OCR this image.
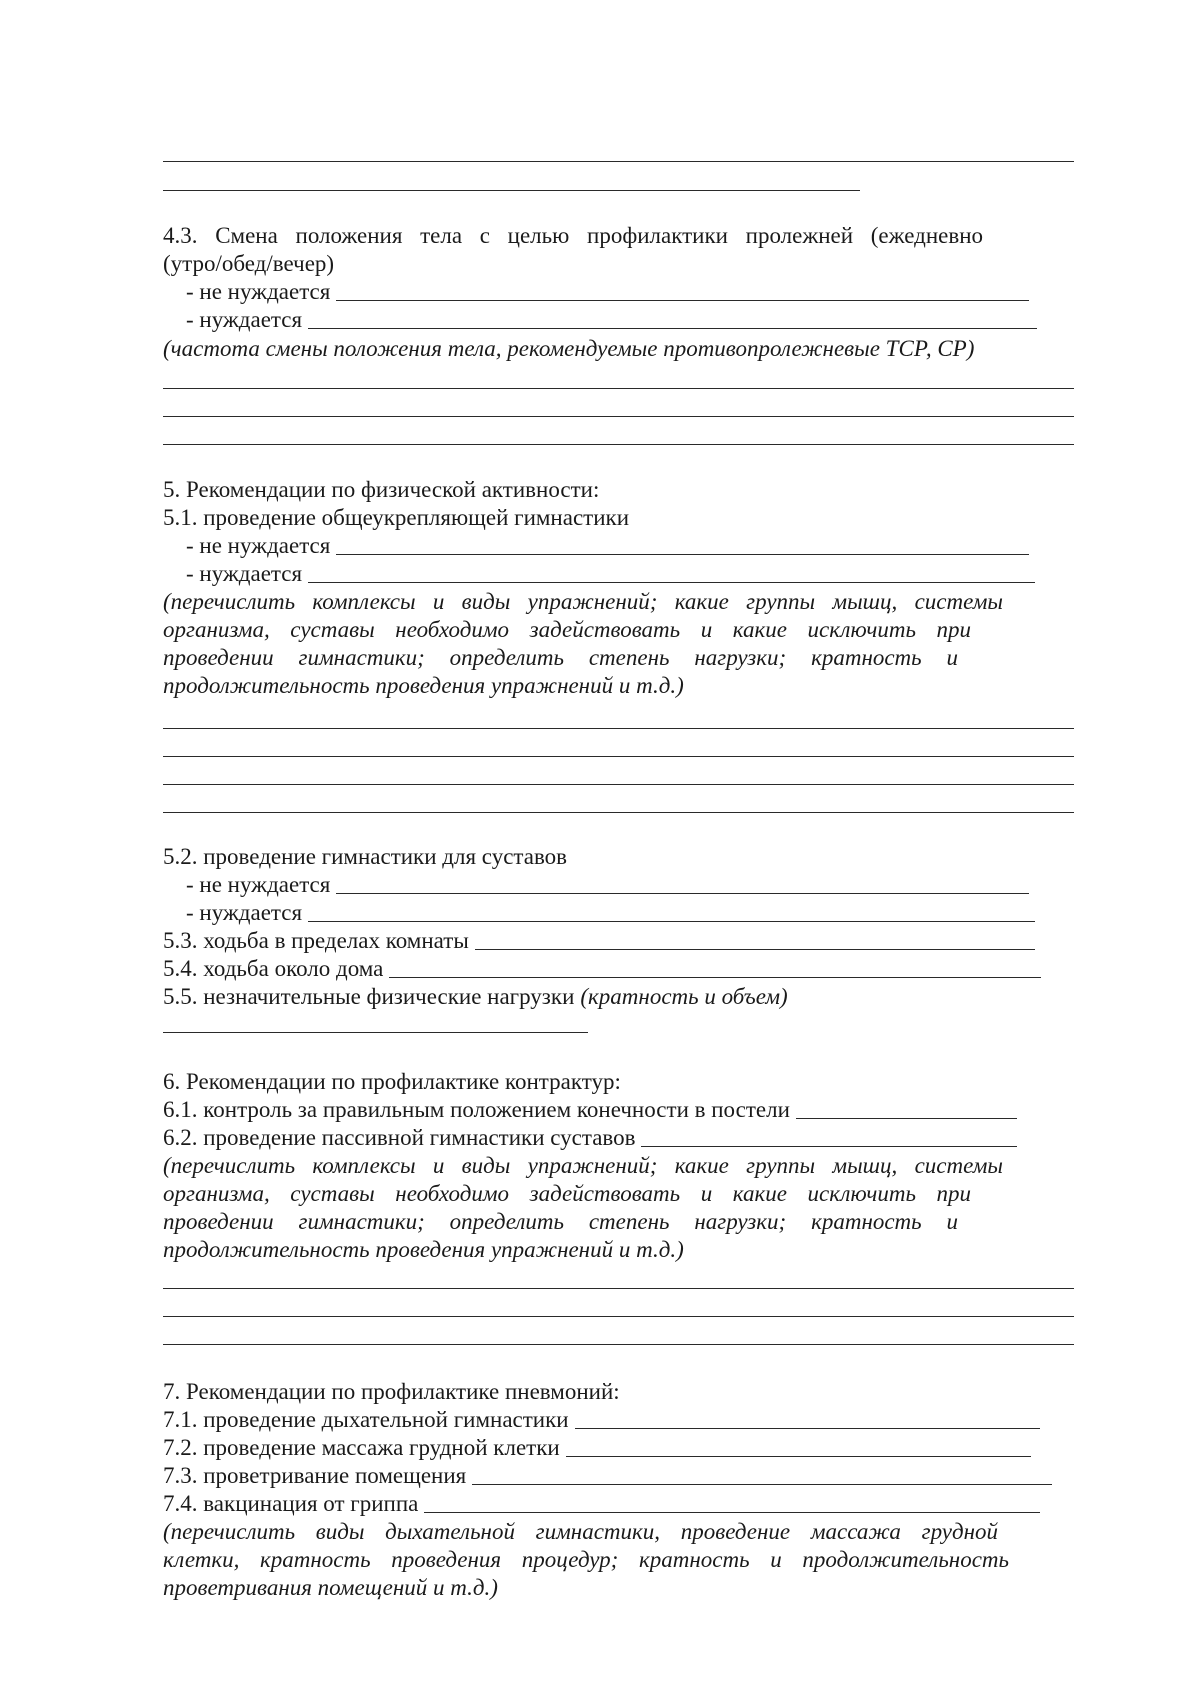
4.3. Смена положения тела с целью профилактики пролежней (ежедневно
(утро/обед/вечер)
- не нуждается
- нуждается
(частота смены положения тела, рекомендуемые противопролежневые ТСР, СР)
5. Рекомендации по физической активности:
5.1. проведение общеукрепляющей гимнастики
- не нуждается
- нуждается
(перечислить комплексы и виды упражнений; какие группы мышц, системы
организма, суставы необходимо задействовать и какие исключить при
проведении гимнастики; определить степень нагрузки; кратность и
продолжительность проведения упражнений и т.д.)
5.2. проведение гимнастики для суставов
- не нуждается
- нуждается
5.3. ходьба в пределах комнаты
5.4. ходьба около дома
5.5. незначительные физические нагрузки (кратность и объем)
6. Рекомендации по профилактике контрактур:
6.1. контроль за правильным положением конечности в постели
6.2. проведение пассивной гимнастики суставов
(перечислить комплексы и виды упражнений; какие группы мышц, системы
организма, суставы необходимо задействовать и какие исключить при
проведении гимнастики; определить степень нагрузки; кратность и
продолжительность проведения упражнений и т.д.)
7. Рекомендации по профилактике пневмоний:
7.1. проведение дыхательной гимнастики
7.2. проведение массажа грудной клетки
7.3. проветривание помещения
7.4. вакцинация от гриппа
(перечислить виды дыхательной гимнастики, проведение массажа грудной
клетки, кратность проведения процедур; кратность и продолжительность
проветривания помещений и т.д.)
